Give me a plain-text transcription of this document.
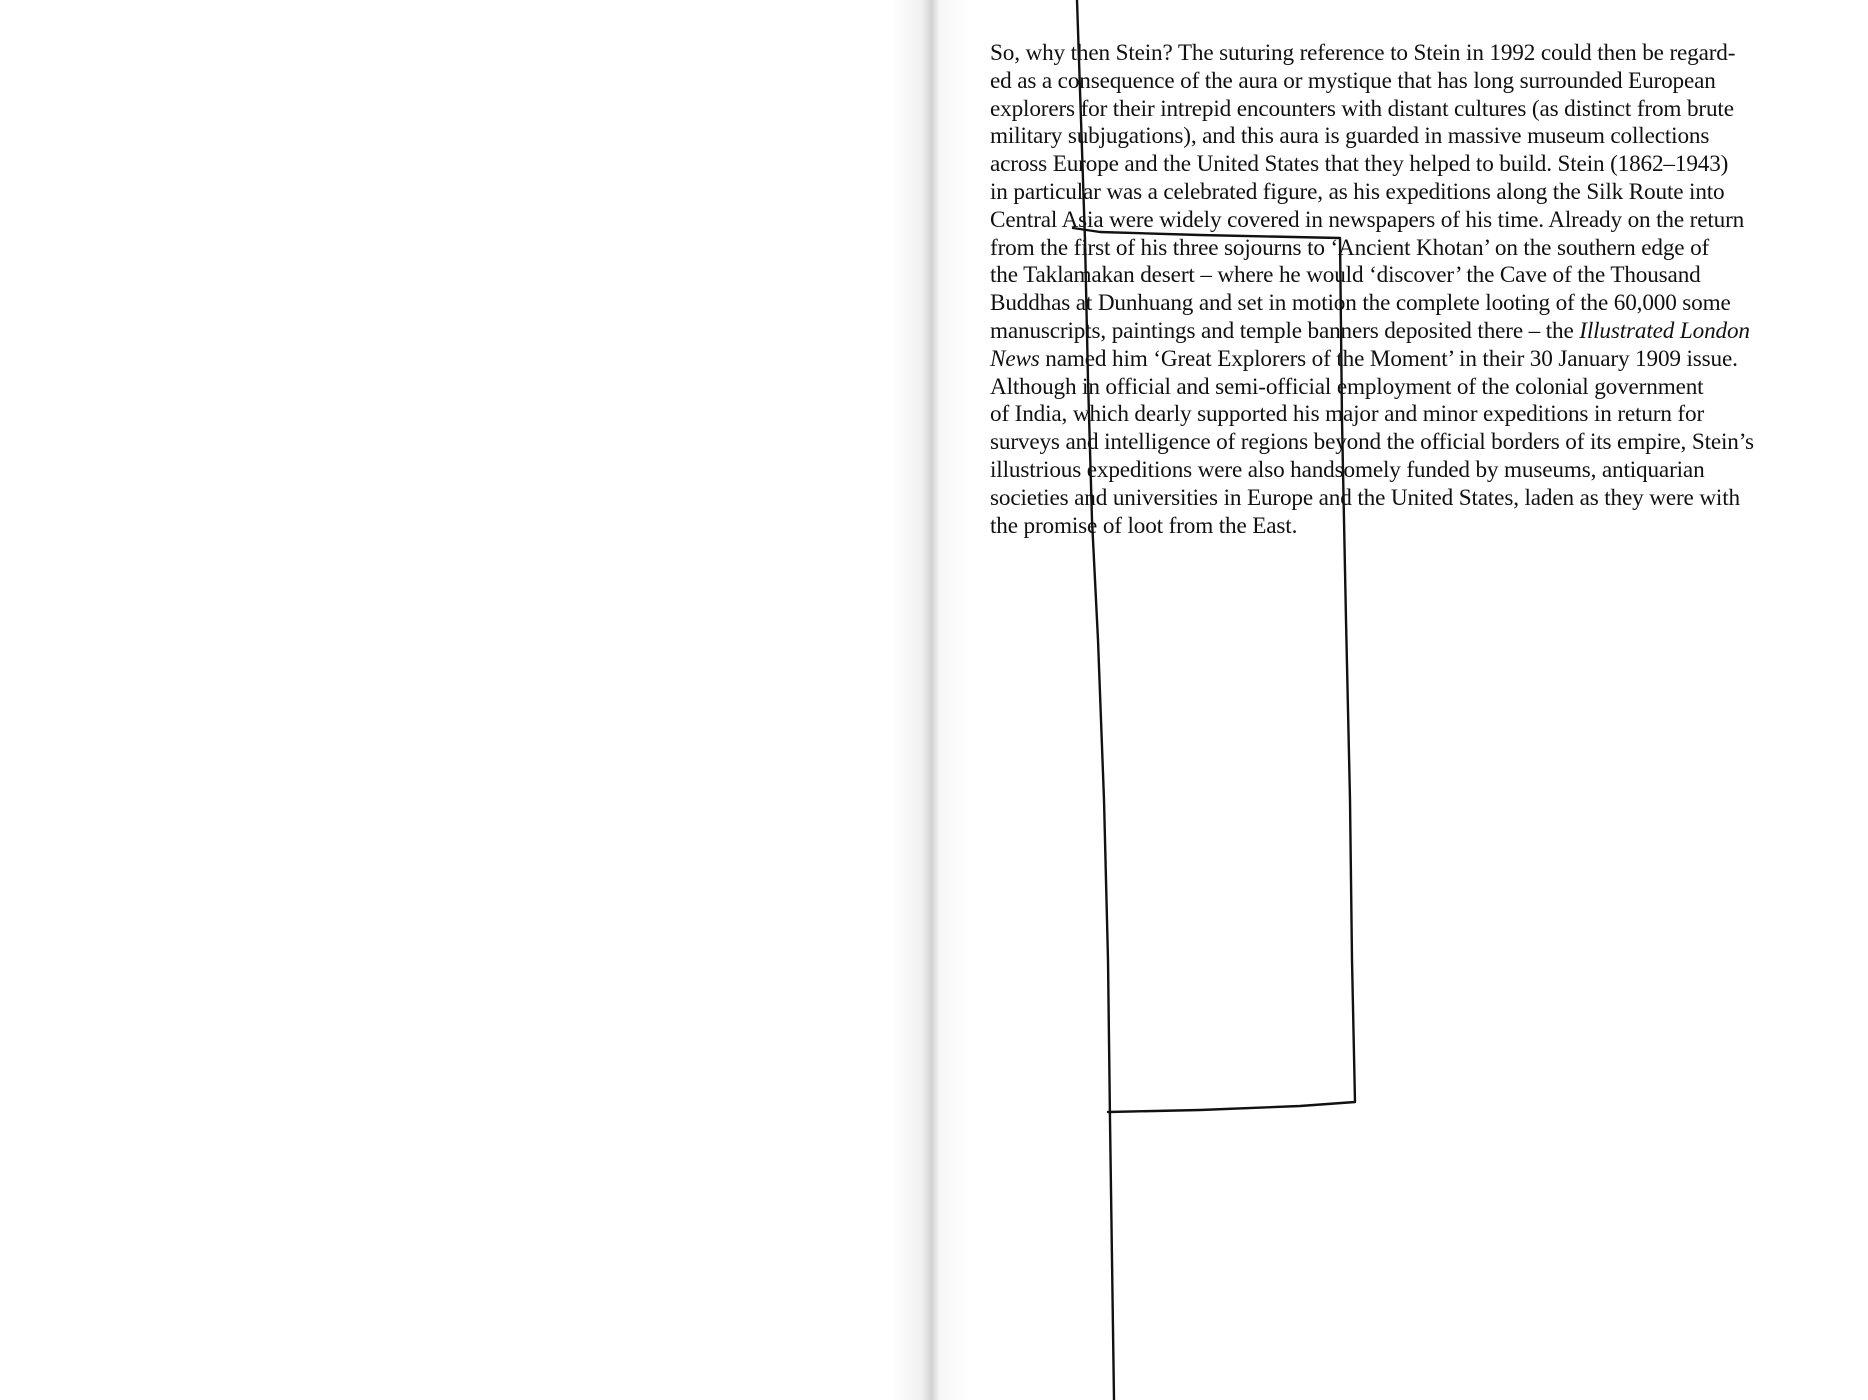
So, why then Stein? The suturing reference to Stein in 1992 could then be regard-
ed as a consequence of the aura or mystique that has long surrounded European
explorers for their intrepid encounters with distant cultures (as distinct from brute
military subjugations), and this aura is guarded in massive museum collections
across Europe and the United States that they helped to build. Stein (1862–1943)
in particular was a celebrated figure, as his expeditions along the Silk Route into
Central Asia were widely covered in newspapers of his time. Already on the return
from the first of his three sojourns to ‘Ancient Khotan’ on the southern edge of
the Taklamakan desert – where he would ‘discover’ the Cave of the Thousand
Buddhas at Dunhuang and set in motion the complete looting of the 60,000 some
manuscripts, paintings and temple banners deposited there – the Illustrated London
News named him ‘Great Explorers of the Moment’ in their 30 January 1909 issue.
Although in official and semi-official employment of the colonial government
of India, which dearly supported his major and minor expeditions in return for
surveys and intelligence of regions beyond the official borders of its empire, Stein’s
illustrious expeditions were also handsomely funded by museums, antiquarian
societies and universities in Europe and the United States, laden as they were with
the promise of loot from the East.
